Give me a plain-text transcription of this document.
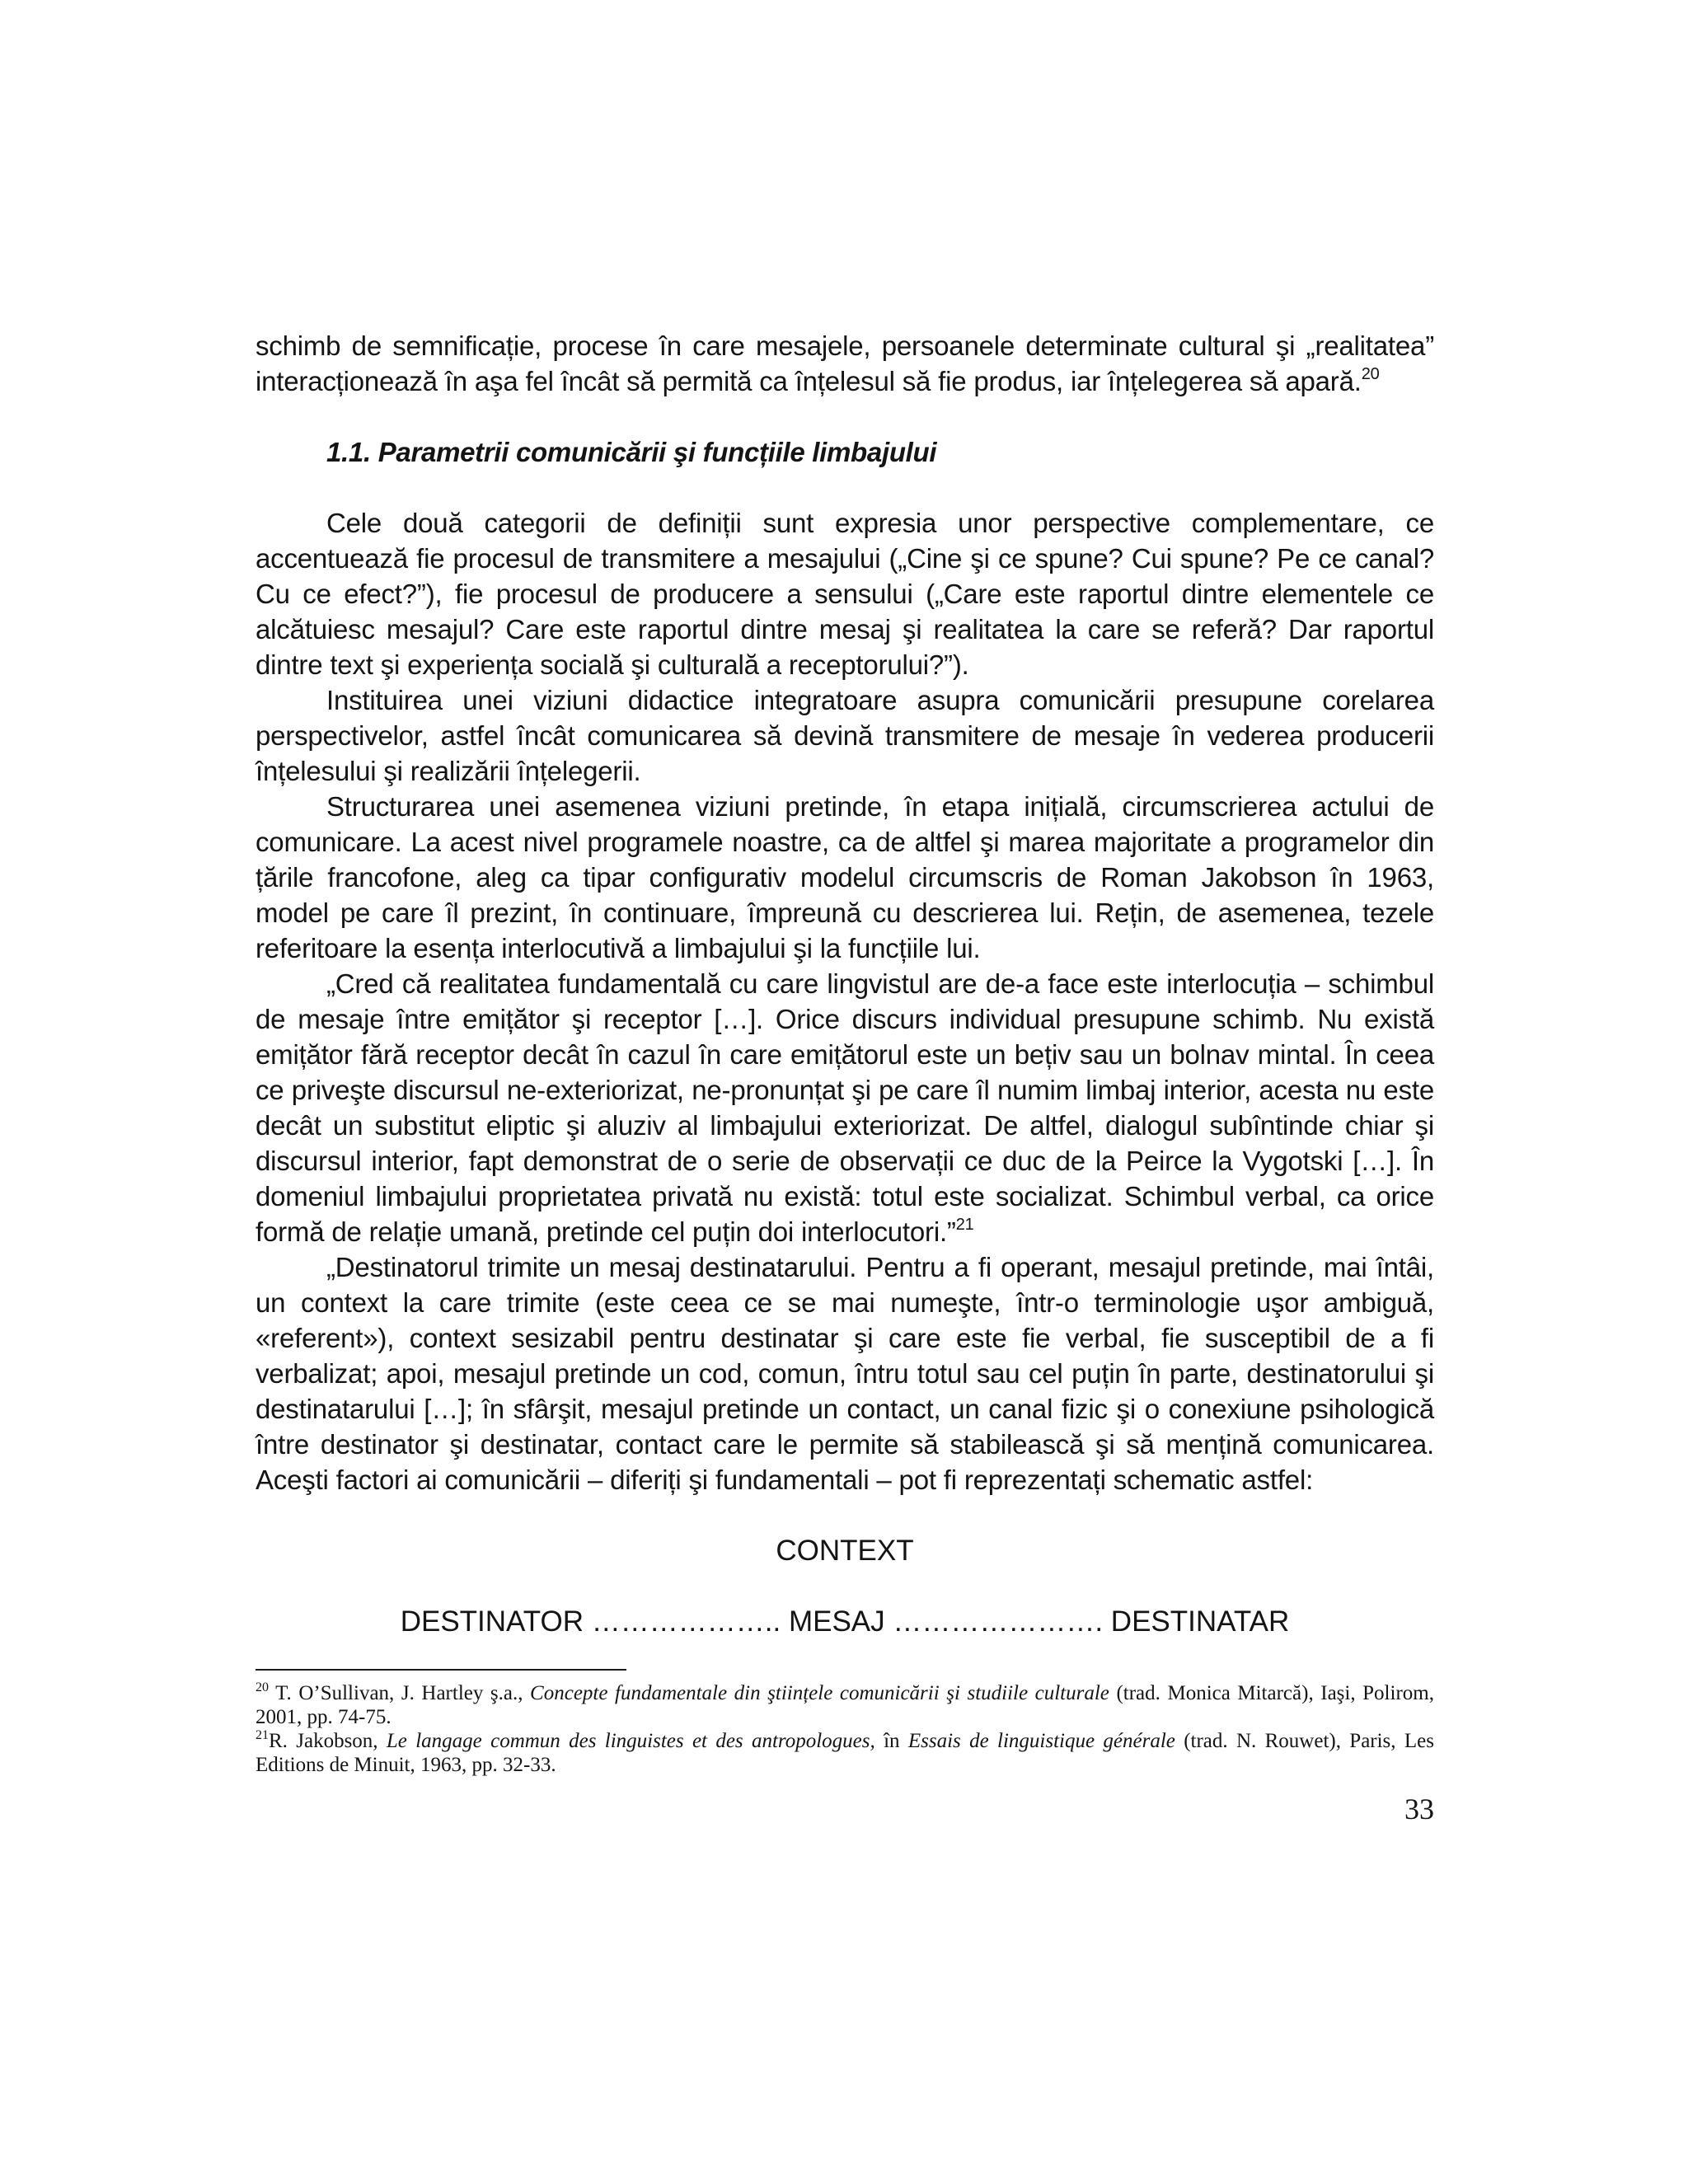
schimb de semnificație, procese în care mesajele, persoanele determinate cultural şi „realitatea” interacționează în aşa fel încât să permită ca înțelesul să fie produs, iar înțelegerea să apară.$^{20}$

1.1. Parametrii comunicării şi funcțiile limbajului

Cele două categorii de definiții sunt expresia unor perspective complementare, ce accentuează fie procesul de transmitere a mesajului („Cine şi ce spune? Cui spune? Pe ce canal? Cu ce efect?”), fie procesul de producere a sensului („Care este raportul dintre elementele ce alcătuiesc mesajul? Care este raportul dintre mesaj şi realitatea la care se referă? Dar raportul dintre text şi experiența socială şi culturală a receptorului?”).

Instituirea unei viziuni didactice integratoare asupra comunicării presupune corelarea perspectivelor, astfel încât comunicarea să devină transmitere de mesaje în vederea producerii înțelesului şi realizării înțelegerii.

Structurarea unei asemenea viziuni pretinde, în etapa inițială, circumscrierea actului de comunicare. La acest nivel programele noastre, ca de altfel şi marea majoritate a programelor din țările francofone, aleg ca tipar configurativ modelul circumscris de Roman Jakobson în 1963, model pe care îl prezint, în continuare, împreună cu descrierea lui. Rețin, de asemenea, tezele referitoare la esența interlocutivă a limbajului şi la funcțiile lui.

„Cred că realitatea fundamentală cu care lingvistul are de-a face este interlocuția – schimbul de mesaje între emițător şi receptor […]. Orice discurs individual presupune schimb. Nu există emițător fără receptor decât în cazul în care emițătorul este un bețiv sau un bolnav mintal. În ceea ce priveşte discursul ne-exteriorizat, ne-pronunțat şi pe care îl numim limbaj interior, acesta nu este decât un substitut eliptic şi aluziv al limbajului exteriorizat. De altfel, dialogul subîntinde chiar şi discursul interior, fapt demonstrat de o serie de observații ce duc de la Peirce la Vygotski […]. În domeniul limbajului proprietatea privată nu există: totul este socializat. Schimbul verbal, ca orice formă de relație umană, pretinde cel puțin doi interlocutori.”$^{21}$

„Destinatorul trimite un mesaj destinatarului. Pentru a fi operant, mesajul pretinde, mai întâi, un context la care trimite (este ceea ce se mai numeşte, într-o terminologie uşor ambiguă, «referent»), context sesizabil pentru destinatar şi care este fie verbal, fie susceptibil de a fi verbalizat; apoi, mesajul pretinde un cod, comun, întru totul sau cel puțin în parte, destinatorului şi destinatarului […]; în sfârşit, mesajul pretinde un contact, un canal fizic şi o conexiune psihologică între destinator şi destinatar, contact care le permite să stabilească şi să mențină comunicarea. Aceşti factori ai comunicării – diferiți şi fundamentali – pot fi reprezentați schematic astfel:

CONTEXT
DESTINATOR ……………….. MESAJ …………………. DESTINATAR

$^{20}$ T. O’Sullivan, J. Hartley ş.a., Concepte fundamentale din ştiințele comunicării şi studiile culturale (trad. Monica Mitarcă), Iaşi, Polirom, 2001, pp. 74-75.

$^{21}$R. Jakobson, Le langage commun des linguistes et des antropologues, în Essais de linguistique générale (trad. N. Rouwet), Paris, Les Editions de Minuit, 1963, pp. 32-33.

33
